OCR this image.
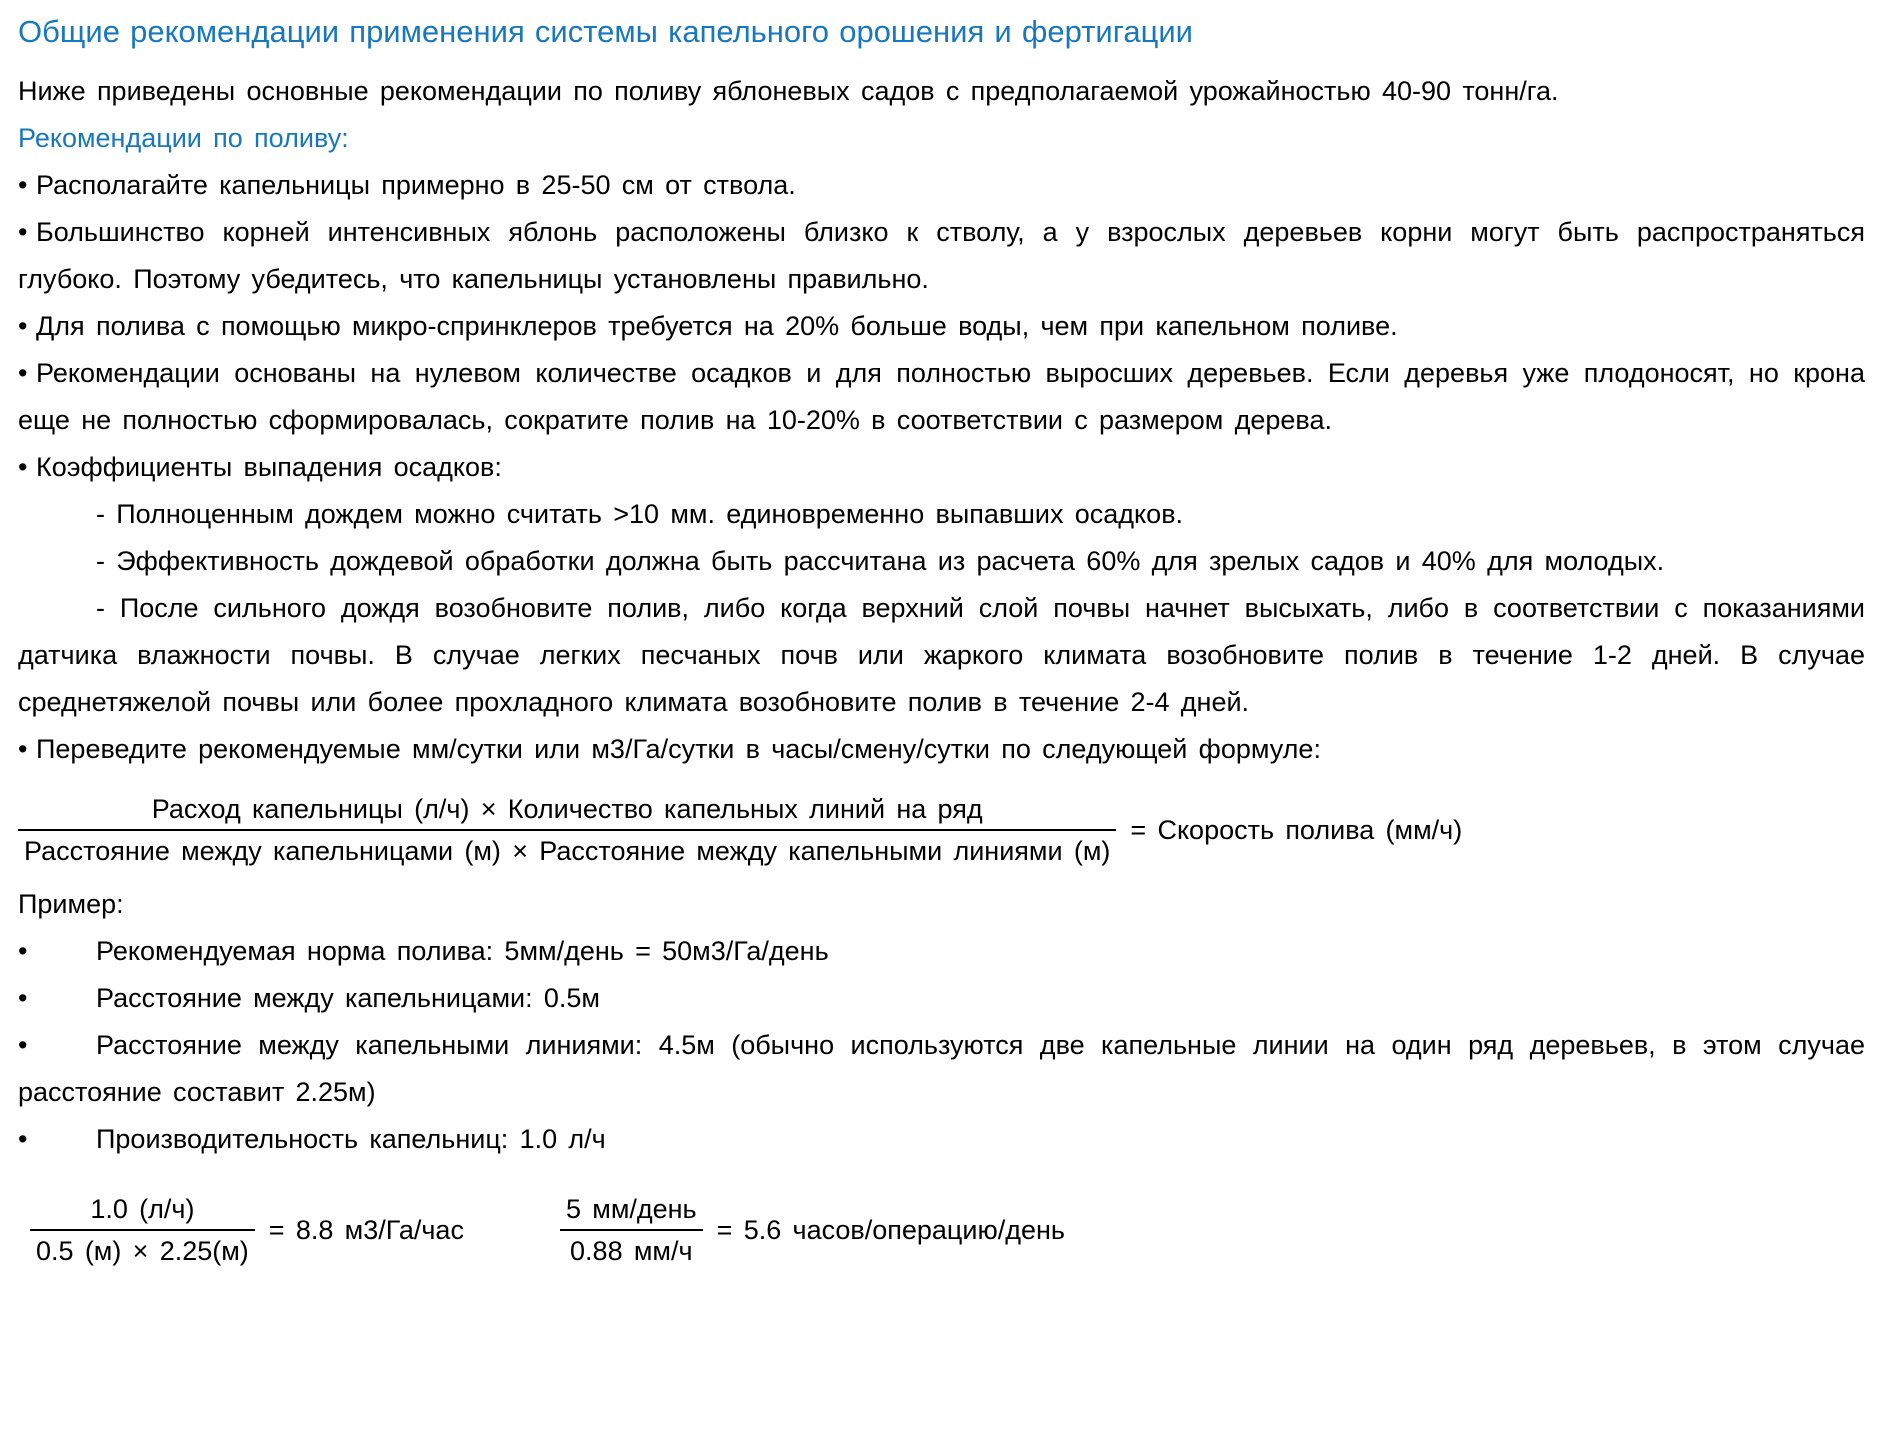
Общие рекомендации применения системы капельного орошения и фертигации

Ниже приведены основные рекомендации по поливу яблоневых садов с предполагаемой урожайностью 40-90 тонн/га.

Рекомендации по поливу:

• Располагайте капельницы примерно в 25-50 см от ствола.

• Большинство корней интенсивных яблонь расположены близко к стволу, а у взрослых деревьев корни могут быть распространяться глубоко. Поэтому убедитесь, что капельницы установлены правильно.

• Для полива с помощью микро-спринклеров требуется на 20% больше воды, чем при капельном поливе.

• Рекомендации основаны на нулевом количестве осадков и для полностью выросших деревьев. Если деревья уже плодоносят, но крона еще не полностью сформировалась, сократите полив на 10-20% в соответствии с размером дерева.

• Коэффициенты выпадения осадков:

- Полноценным дождем можно считать >10 мм. единовременно выпавших осадков.

- Эффективность дождевой обработки должна быть рассчитана из расчета 60% для зрелых садов и 40% для молодых.

- После сильного дождя возобновите полив, либо когда верхний слой почвы начнет высыхать, либо в соответствии с показаниями датчика влажности почвы. В случае легких песчаных почв или жаркого климата возобновите полив в течение 1-2 дней. В случае среднетяжелой почвы или более прохладного климата возобновите полив в течение 2-4 дней.

• Переведите рекомендуемые мм/сутки или м3/Га/сутки в часы/смену/сутки по следующей формуле:

Расход капельницы (л/ч) × Количество капельных линий на ряд
Расстояние между капельницами (м) × Расстояние между капельными линиями (м)
= Скорость полива (мм/ч)

Пример:

•	Рекомендуемая норма полива: 5мм/день = 50м3/Га/день

•	Расстояние между капельницами: 0.5м

•	Расстояние между капельными линиями: 4.5м (обычно используются две капельные линии на один ряд деревьев, в этом случае расстояние составит 2.25м)

•	Производительность капельниц: 1.0 л/ч

$\frac{1.0 (л/ч)}{0.5 (м) \times 2.25(м)} = 8.8$ м3/Га/час	$\frac{\text{5 мм/день}}{0.88 мм/ч} = 5.6$ часов/операцию/день
